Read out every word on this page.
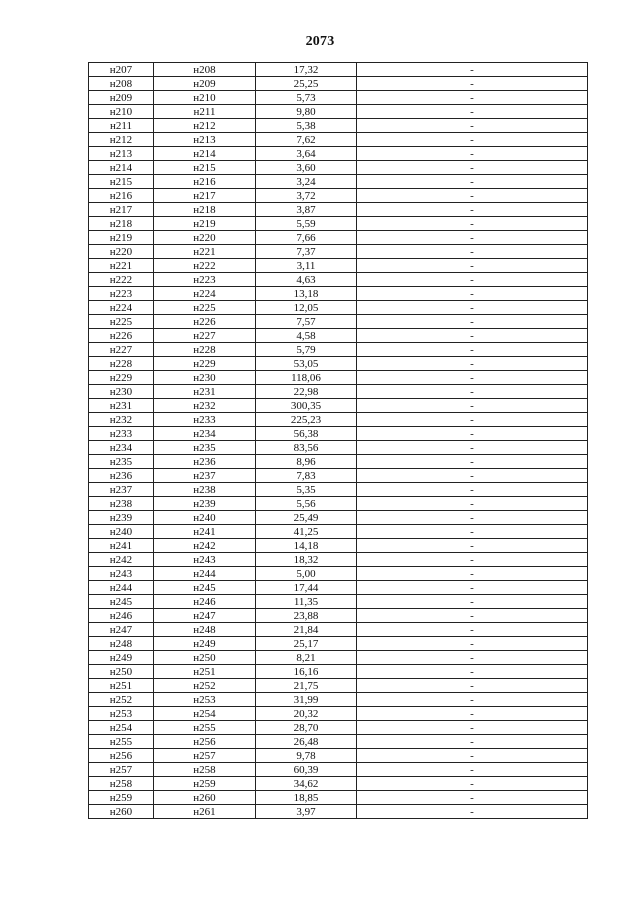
2073
н207	н208	17,32	-
н208	н209	25,25	-
н209	н210	5,73	-
н210	н211	9,80	-
н211	н212	5,38	-
н212	н213	7,62	-
н213	н214	3,64	-
н214	н215	3,60	-
н215	н216	3,24	-
н216	н217	3,72	-
н217	н218	3,87	-
н218	н219	5,59	-
н219	н220	7,66	-
н220	н221	7,37	-
н221	н222	3,11	-
н222	н223	4,63	-
н223	н224	13,18	-
н224	н225	12,05	-
н225	н226	7,57	-
н226	н227	4,58	-
н227	н228	5,79	-
н228	н229	53,05	-
н229	н230	118,06	-
н230	н231	22,98	-
н231	н232	300,35	-
н232	н233	225,23	-
н233	н234	56,38	-
н234	н235	83,56	-
н235	н236	8,96	-
н236	н237	7,83	-
н237	н238	5,35	-
н238	н239	5,56	-
н239	н240	25,49	-
н240	н241	41,25	-
н241	н242	14,18	-
н242	н243	18,32	-
н243	н244	5,00	-
н244	н245	17,44	-
н245	н246	11,35	-
н246	н247	23,88	-
н247	н248	21,84	-
н248	н249	25,17	-
н249	н250	8,21	-
н250	н251	16,16	-
н251	н252	21,75	-
н252	н253	31,99	-
н253	н254	20,32	-
н254	н255	28,70	-
н255	н256	26,48	-
н256	н257	9,78	-
н257	н258	60,39	-
н258	н259	34,62	-
н259	н260	18,85	-
н260	н261	3,97	-
